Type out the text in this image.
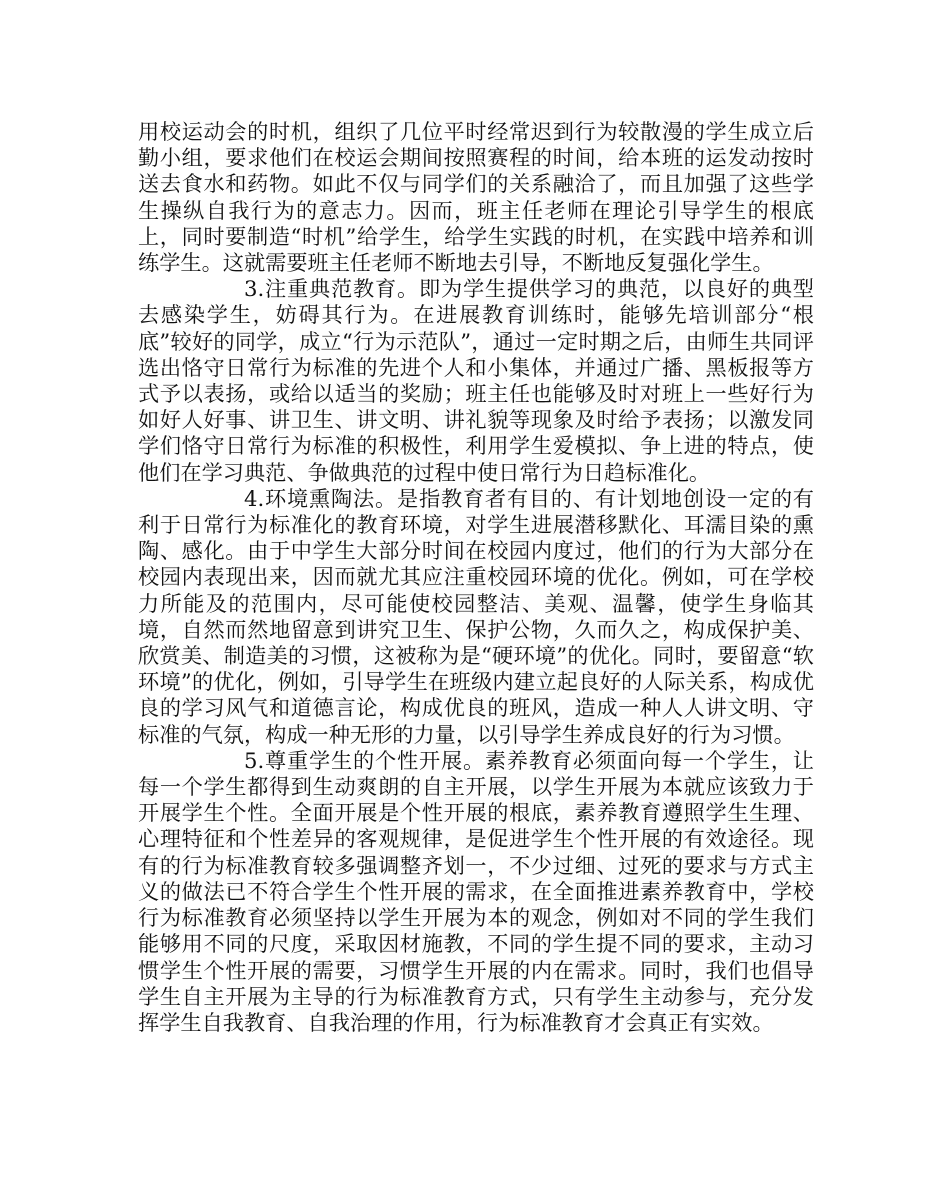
用校运动会的时机，组织了几位平时经常迟到行为较散漫的学生成立后勤小组，要求他们在校运会期间按照赛程的时间，给本班的运发动按时送去食水和药物。如此不仅与同学们的关系融洽了，而且加强了这些学生操纵自我行为的意志力。因而，班主任老师在理论引导学生的根底上，同时要制造“时机”给学生，给学生实践的时机，在实践中培养和训练学生。这就需要班主任老师不断地去引导，不断地反复强化学生。

3.注重典范教育。即为学生提供学习的典范，以良好的典型去感染学生，妨碍其行为。在进展教育训练时，能够先培训部分“根底”较好的同学，成立“行为示范队”，通过一定时期之后，由师生共同评选出恪守日常行为标准的先进个人和小集体，并通过广播、黑板报等方式予以表扬，或给以适当的奖励；班主任也能够及时对班上一些好行为如好人好事、讲卫生、讲文明、讲礼貌等现象及时给予表扬；以激发同学们恪守日常行为标准的积极性，利用学生爱模拟、争上进的特点，使他们在学习典范、争做典范的过程中使日常行为日趋标准化。

4.环境熏陶法。是指教育者有目的、有计划地创设一定的有利于日常行为标准化的教育环境，对学生进展潜移默化、耳濡目染的熏陶、感化。由于中学生大部分时间在校园内度过，他们的行为大部分在校园内表现出来，因而就尤其应注重校园环境的优化。例如，可在学校力所能及的范围内，尽可能使校园整洁、美观、温馨，使学生身临其境，自然而然地留意到讲究卫生、保护公物，久而久之，构成保护美、欣赏美、制造美的习惯，这被称为是“硬环境”的优化。同时，要留意“软环境”的优化，例如，引导学生在班级内建立起良好的人际关系，构成优良的学习风气和道德言论，构成优良的班风，造成一种人人讲文明、守标准的气氛，构成一种无形的力量，以引导学生养成良好的行为习惯。

5.尊重学生的个性开展。素养教育必须面向每一个学生，让每一个学生都得到生动爽朗的自主开展，以学生开展为本就应该致力于开展学生个性。全面开展是个性开展的根底，素养教育遵照学生生理、心理特征和个性差异的客观规律，是促进学生个性开展的有效途径。现有的行为标准教育较多强调整齐划一，不少过细、过死的要求与方式主义的做法已不符合学生个性开展的需求，在全面推进素养教育中，学校行为标准教育必须坚持以学生开展为本的观念，例如对不同的学生我们能够用不同的尺度，采取因材施教，不同的学生提不同的要求，主动习惯学生个性开展的需要，习惯学生开展的内在需求。同时，我们也倡导学生自主开展为主导的行为标准教育方式，只有学生主动参与，充分发挥学生自我教育、自我治理的作用，行为标准教育才会真正有实效。
